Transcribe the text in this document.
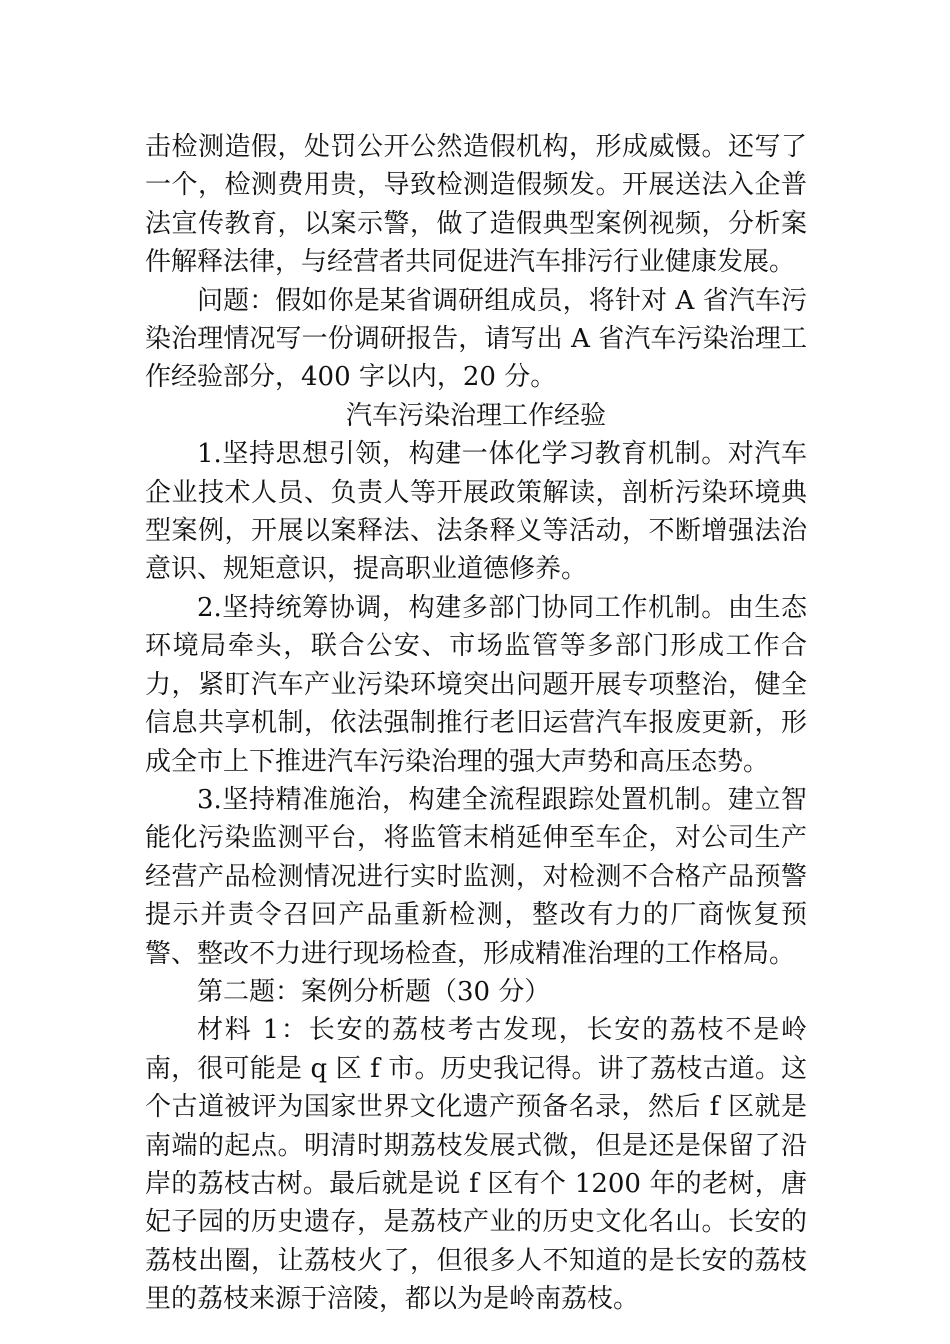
击检测造假，处罚公开公然造假机构，形成威慑。还写了一个，检测费用贵，导致检测造假频发。开展送法入企普法宣传教育，以案示警，做了造假典型案例视频，分析案件解释法律，与经营者共同促进汽车排污行业健康发展。

问题：假如你是某省调研组成员，将针对 A 省汽车污染治理情况写一份调研报告，请写出 A 省汽车污染治理工作经验部分，400 字以内，20 分。

汽车污染治理工作经验

1.坚持思想引领，构建一体化学习教育机制。对汽车企业技术人员、负责人等开展政策解读，剖析污染环境典型案例，开展以案释法、法条释义等活动，不断增强法治意识、规矩意识，提高职业道德修养。

2.坚持统筹协调，构建多部门协同工作机制。由生态环境局牵头，联合公安、市场监管等多部门形成工作合力，紧盯汽车产业污染环境突出问题开展专项整治，健全信息共享机制，依法强制推行老旧运营汽车报废更新，形成全市上下推进汽车污染治理的强大声势和高压态势。

3.坚持精准施治，构建全流程跟踪处置机制。建立智能化污染监测平台，将监管末梢延伸至车企，对公司生产经营产品检测情况进行实时监测，对检测不合格产品预警提示并责令召回产品重新检测，整改有力的厂商恢复预警、整改不力进行现场检查，形成精准治理的工作格局。

第二题：案例分析题（30 分）

材料 1：长安的荔枝考古发现，长安的荔枝不是岭南，很可能是 q 区 f 市。历史我记得。讲了荔枝古道。这个古道被评为国家世界文化遗产预备名录，然后 f 区就是南端的起点。明清时期荔枝发展式微，但是还是保留了沿岸的荔枝古树。最后就是说 f 区有个 1200 年的老树，唐妃子园的历史遗存，是荔枝产业的历史文化名山。长安的荔枝出圈，让荔枝火了，但很多人不知道的是长安的荔枝里的荔枝来源于涪陵，都以为是岭南荔枝。
